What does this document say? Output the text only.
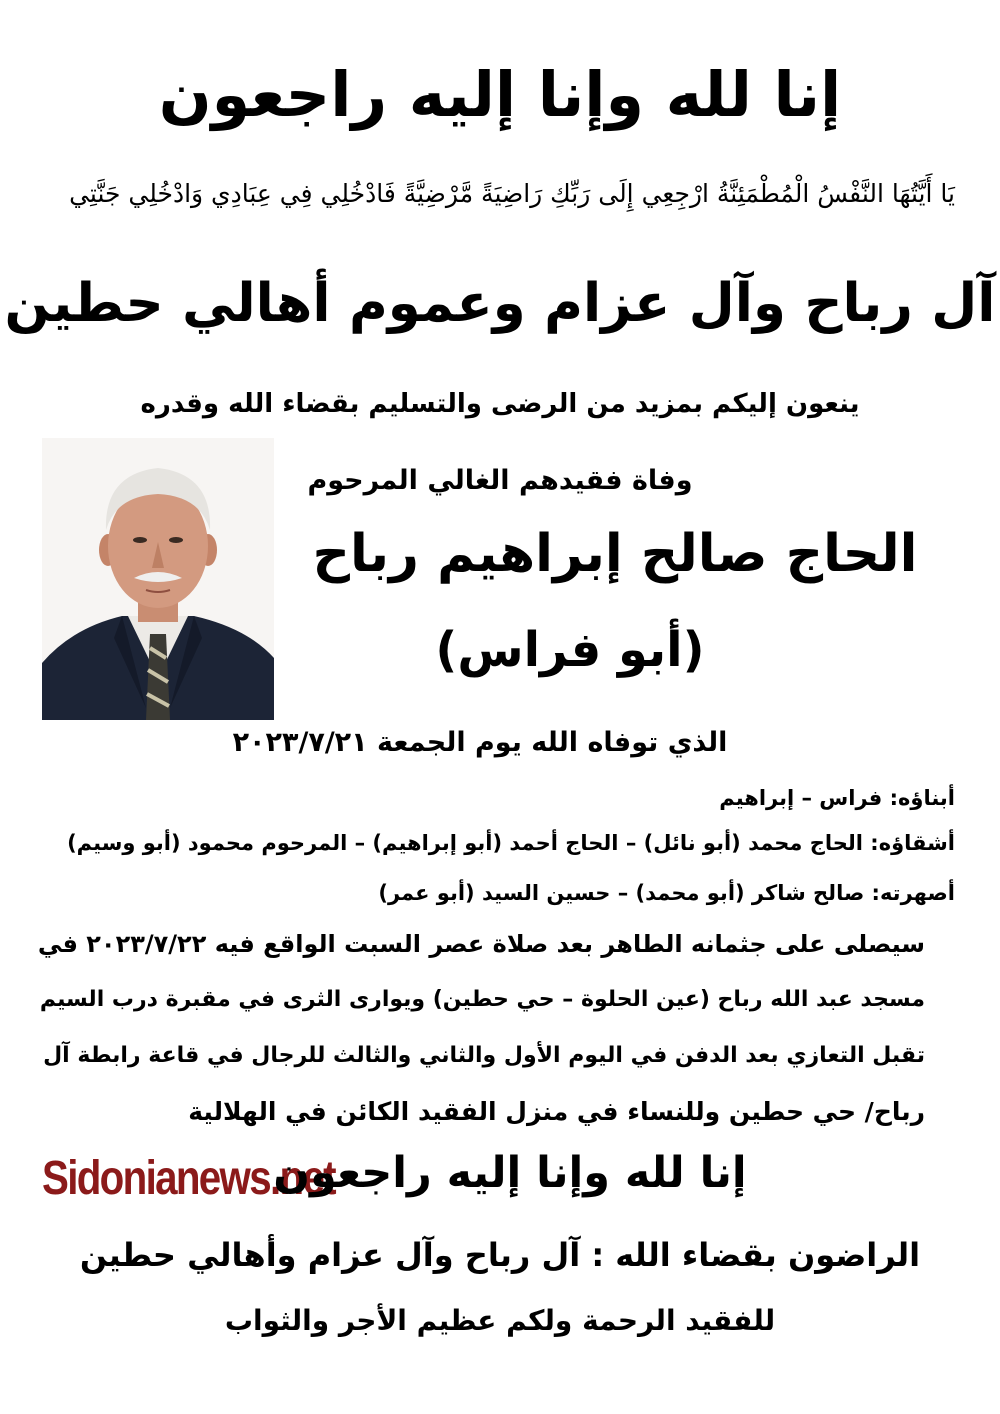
إنا لله وإنا إليه راجعون

يَا أَيَّتُهَا النَّفْسُ الْمُطْمَئِنَّةُ ارْجِعِي إِلَى رَبِّكِ رَاضِيَةً مَّرْضِيَّةً فَادْخُلِي فِي عِبَادِي وَادْخُلِي جَنَّتِي

آل رباح وآل عزام وعموم أهالي حطين

ينعون إليكم بمزيد من الرضى والتسليم بقضاء الله وقدره

وفاة فقيدهم الغالي المرحوم

الحاج صالح إبراهيم رباح

(أبو فراس)

الذي توفاه الله يوم الجمعة ٢٠٢٣/٧/٢١

أبناؤه: فراس – إبراهيم

أشقاؤه: الحاج محمد (أبو نائل) – الحاج أحمد (أبو إبراهيم) – المرحوم محمود (أبو وسيم)

أصهرته: صالح شاكر (أبو محمد) – حسين السيد (أبو عمر)

سيصلى على جثمانه الطاهر بعد صلاة عصر السبت الواقع فيه ٢٠٢٣/٧/٢٢ في

مسجد عبد الله رباح (عين الحلوة – حي حطين) ويوارى الثرى في مقبرة درب السيم

تقبل التعازي بعد الدفن في اليوم الأول والثاني والثالث للرجال في قاعة رابطة آل

رباح/ حي حطين وللنساء في منزل الفقيد الكائن في الهلالية

Sidonianews.net
إنا لله وإنا إليه راجعون

الراضون بقضاء الله : آل رباح وآل عزام وأهالي حطين

للفقيد الرحمة ولكم عظيم الأجر والثواب
